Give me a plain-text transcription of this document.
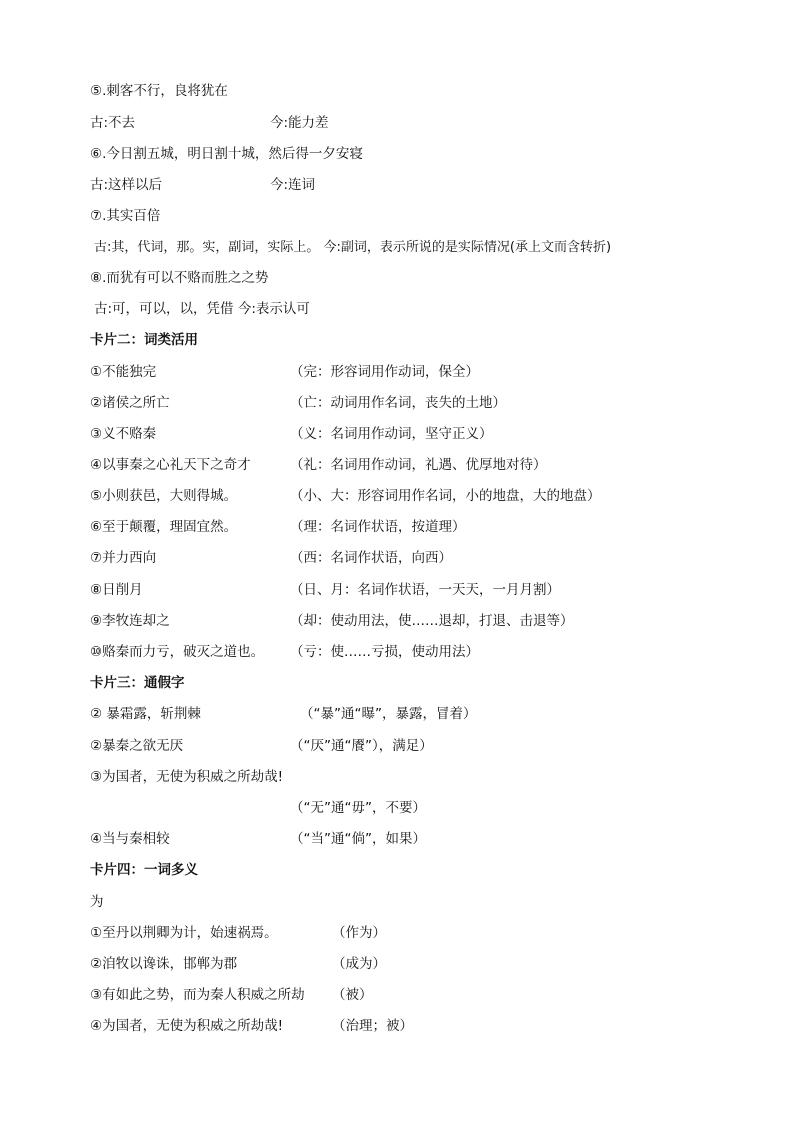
⑤.刺客不行，良将犹在
古:不去	今:能力差
⑥.今日割五城，明日割十城，然后得一夕安寝
古:这样以后	今:连词
⑦.其实百倍
古:其，代词，那。实，副词，实际上。 今:副词，表示所说的是实际情况(承上文而含转折)
⑧.而犹有可以不赂而胜之之势
古:可，可以，以，凭借 今:表示认可
卡片二：词类活用
①不能独完	（完：形容词用作动词，保全）
②诸侯之所亡	（亡：动词用作名词，丧失的土地）
③义不赂秦	（义：名词用作动词，坚守正义）
④以事秦之心礼天下之奇才	（礼：名词用作动词，礼遇、优厚地对待）
⑤小则获邑，大则得城。	（小、大：形容词用作名词，小的地盘，大的地盘）
⑥至于颠覆，理固宜然。	（理：名词作状语，按道理）
⑦并力西向	（西：名词作状语，向西）
⑧日削月	（日、月：名词作状语，一天天，一月月割）
⑨李牧连却之	（却：使动用法，使……退却，打退、击退等）
⑩赂秦而力亏，破灭之道也。 （亏：使……亏损，使动用法）
卡片三：通假字
② 暴霜露，斩荆棘	（“暴”通“曝”，暴露，冒着）
②暴秦之欲无厌	（“厌”通“餍”），满足）
③为国者，无使为积威之所劫哉!
（“无”通“毋”，不要）
④当与秦相较	（“当”通“倘”，如果）
卡片四：一词多义
为
①至丹以荆卿为计，始速祸焉。	（作为）
②洎牧以谗诛，邯郸为郡	（成为）
③有如此之势，而为秦人积威之所劫 （被）
④为国者，无使为积威之所劫哉!	（治理；被）
